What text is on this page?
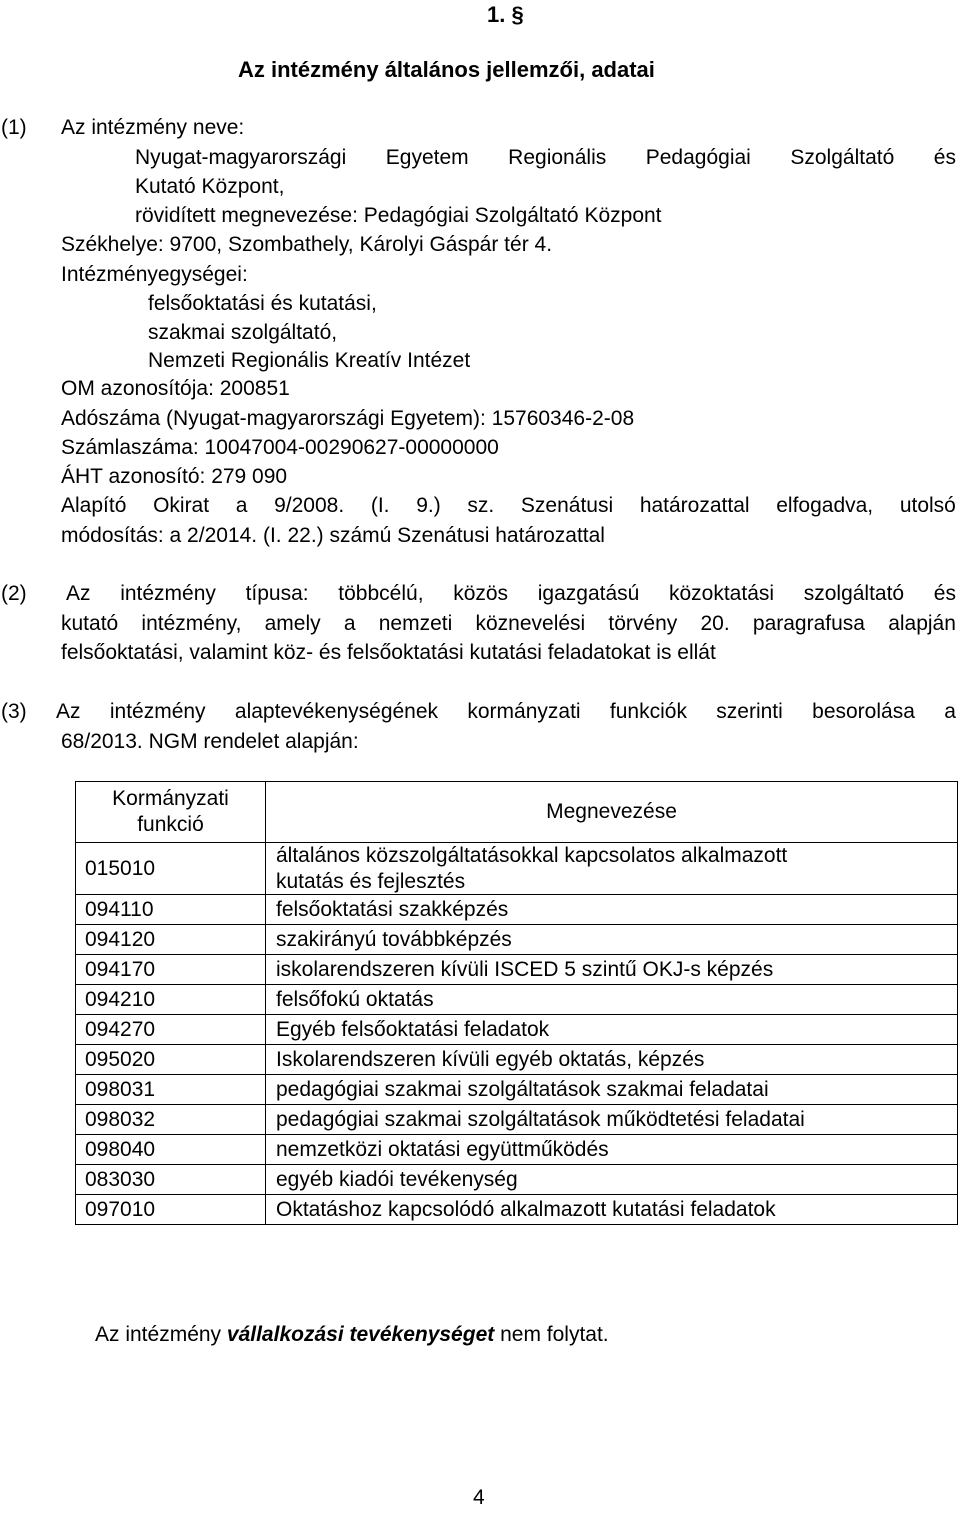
1. §
Az intézmény általános jellemzői, adatai
(1) Az intézmény neve:
Nyugat-magyarországi Egyetem Regionális Pedagógiai Szolgáltató és
Kutató Központ,
rövidített megnevezése: Pedagógiai Szolgáltató Központ
Székhelye: 9700, Szombathely, Károlyi Gáspár tér 4.
Intézményegységei:
felsőoktatási és kutatási,
szakmai szolgáltató,
Nemzeti Regionális Kreatív Intézet
OM azonosítója: 200851
Adószáma (Nyugat-magyarországi Egyetem): 15760346-2-08
Számlaszáma: 10047004-00290627-00000000
ÁHT azonosító: 279 090
Alapító Okirat a 9/2008. (I. 9.) sz. Szenátusi határozattal elfogadva, utolsó
módosítás: a 2/2014. (I. 22.) számú Szenátusi határozattal
(2) Az intézmény típusa: többcélú, közös igazgatású közoktatási szolgáltató és
kutató intézmény, amely a nemzeti köznevelési törvény 20. paragrafusa alapján
felsőoktatási, valamint köz- és felsőoktatási kutatási feladatokat is ellát
(3) Az intézmény alaptevékenységének kormányzati funkciók szerinti besorolása a
68/2013. NGM rendelet alapján:
Kormányzati
funkció	Megnevezése
015010	általános közszolgáltatásokkal kapcsolatos alkalmazott
kutatás és fejlesztés

094110	felsőoktatási szakképzés
094120	szakirányú továbbképzés
094170	iskolarendszeren kívüli ISCED 5 szintű OKJ-s képzés
094210	felsőfokú oktatás
094270	Egyéb felsőoktatási feladatok
095020	Iskolarendszeren kívüli egyéb oktatás, képzés
098031	pedagógiai szakmai szolgáltatások szakmai feladatai
098032	pedagógiai szakmai szolgáltatások működtetési feladatai
098040	nemzetközi oktatási együttműködés
083030	egyéb kiadói tevékenység
097010	Oktatáshoz kapcsolódó alkalmazott kutatási feladatok
Az intézmény vállalkozási tevékenységet nem folytat.
4
